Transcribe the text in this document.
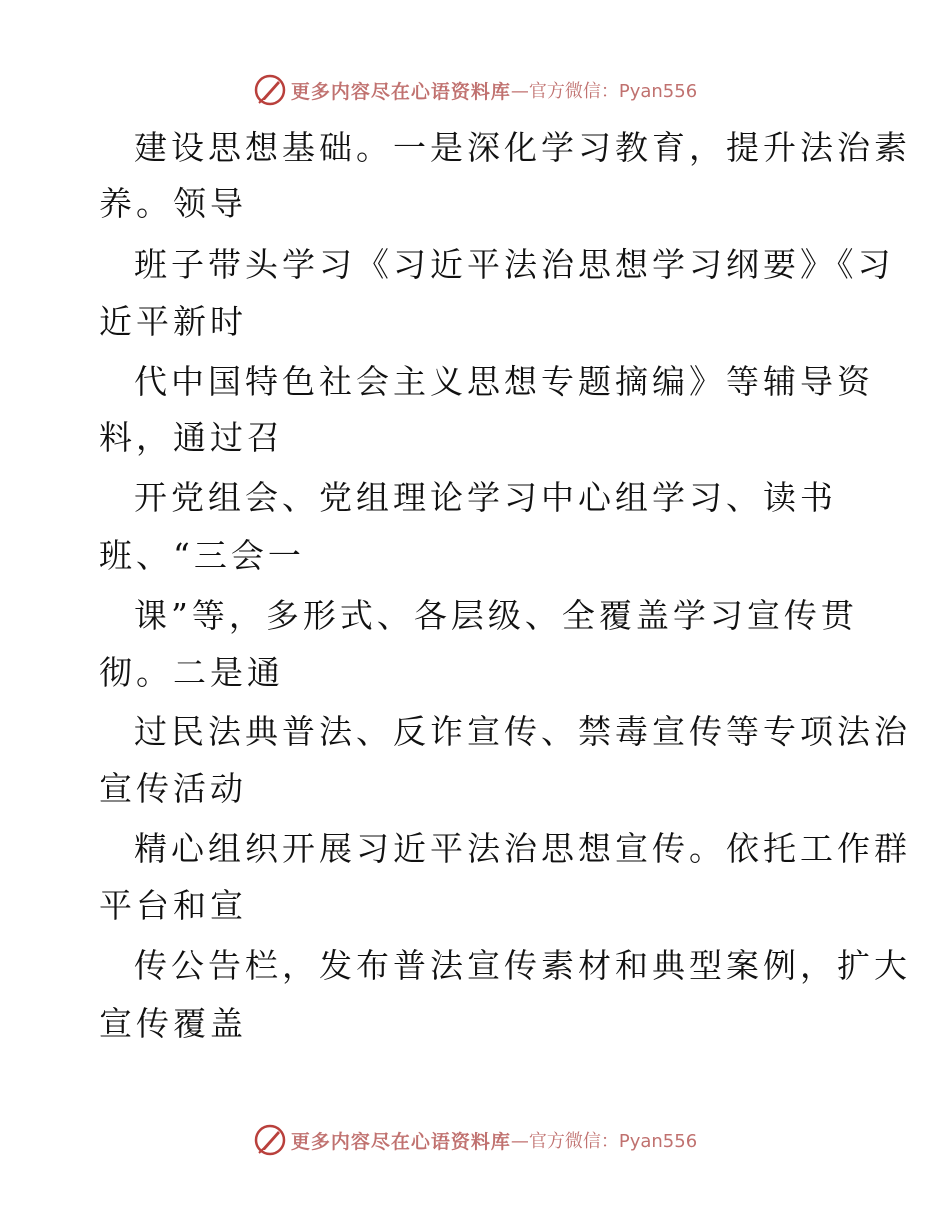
更多内容尽在心语资料库 —官方微信：Pyan556
建设思想基础。一是深化学习教育，提升法治素
养。领导
班子带头学习《习近平法治思想学习纲要》《习
近平新时
代中国特色社会主义思想专题摘编》等辅导资
料，通过召
开党组会、党组理论学习中心组学习、读书
班、“三会一
课”等，多形式、各层级、全覆盖学习宣传贯
彻。二是通
过民法典普法、反诈宣传、禁毒宣传等专项法治
宣传活动
精心组织开展习近平法治思想宣传。依托工作群
平台和宣
传公告栏，发布普法宣传素材和典型案例，扩大
宣传覆盖
更多内容尽在心语资料库 —官方微信：Pyan556
